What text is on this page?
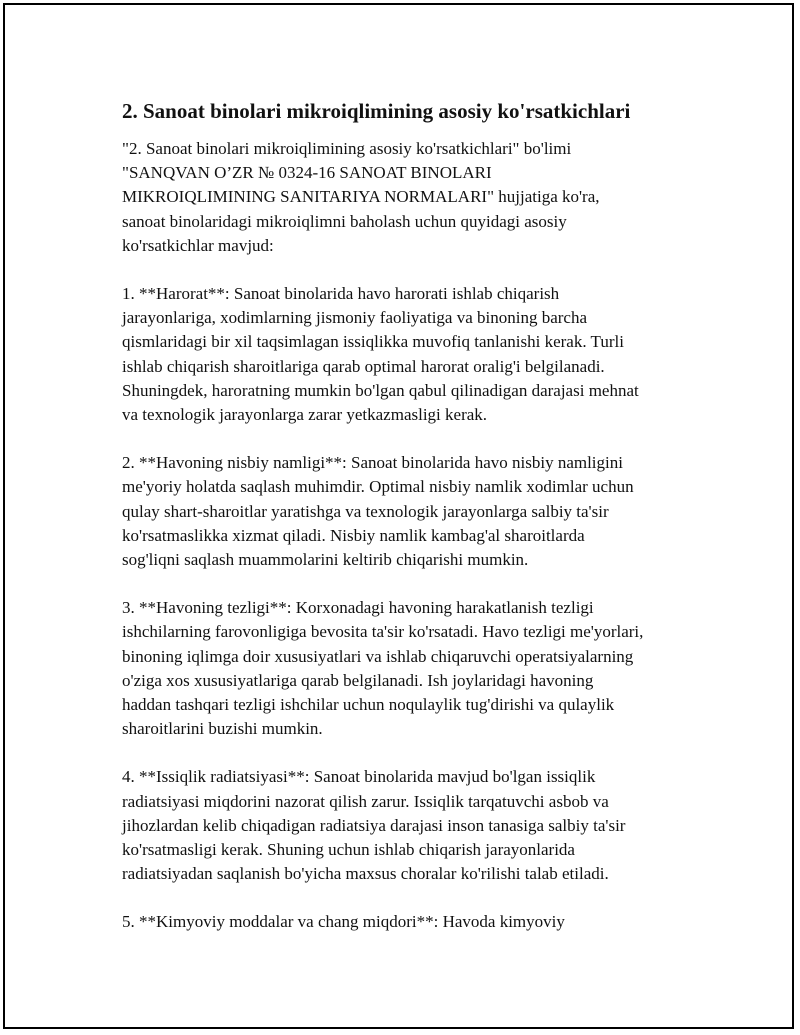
2. Sanoat binolari mikroiqlimining asosiy ko'rsatkichlari
"2. Sanoat binolari mikroiqlimining asosiy ko'rsatkichlari" bo'limi
"SANQVAN O’ZR № 0324-16 SANOAT BINOLARI
MIKROIQLIMINING SANITARIYA NORMALARI" hujjatiga ko'ra,
sanoat binolaridagi mikroiqlimni baholash uchun quyidagi asosiy
ko'rsatkichlar mavjud:
1. **Harorat**: Sanoat binolarida havo harorati ishlab chiqarish
jarayonlariga, xodimlarning jismoniy faoliyatiga va binoning barcha
qismlaridagi bir xil taqsimlagan issiqlikka muvofiq tanlanishi kerak. Turli
ishlab chiqarish sharoitlariga qarab optimal harorat oralig'i belgilanadi.
Shuningdek, haroratning mumkin bo'lgan qabul qilinadigan darajasi mehnat
va texnologik jarayonlarga zarar yetkazmasligi kerak.
2. **Havoning nisbiy namligi**: Sanoat binolarida havo nisbiy namligini
me'yoriy holatda saqlash muhimdir. Optimal nisbiy namlik xodimlar uchun
qulay shart-sharoitlar yaratishga va texnologik jarayonlarga salbiy ta'sir
ko'rsatmaslikka xizmat qiladi. Nisbiy namlik kambag'al sharoitlarda
sog'liqni saqlash muammolarini keltirib chiqarishi mumkin.
3. **Havoning tezligi**: Korxonadagi havoning harakatlanish tezligi
ishchilarning farovonligiga bevosita ta'sir ko'rsatadi. Havo tezligi me'yorlari,
binoning iqlimga doir xususiyatlari va ishlab chiqaruvchi operatsiyalarning
o'ziga xos xususiyatlariga qarab belgilanadi. Ish joylaridagi havoning
haddan tashqari tezligi ishchilar uchun noqulaylik tug'dirishi va qulaylik
sharoitlarini buzishi mumkin.
4. **Issiqlik radiatsiyasi**: Sanoat binolarida mavjud bo'lgan issiqlik
radiatsiyasi miqdorini nazorat qilish zarur. Issiqlik tarqatuvchi asbob va
jihozlardan kelib chiqadigan radiatsiya darajasi inson tanasiga salbiy ta'sir
ko'rsatmasligi kerak. Shuning uchun ishlab chiqarish jarayonlarida
radiatsiyadan saqlanish bo'yicha maxsus choralar ko'rilishi talab etiladi.
5. **Kimyoviy moddalar va chang miqdori**: Havoda kimyoviy
